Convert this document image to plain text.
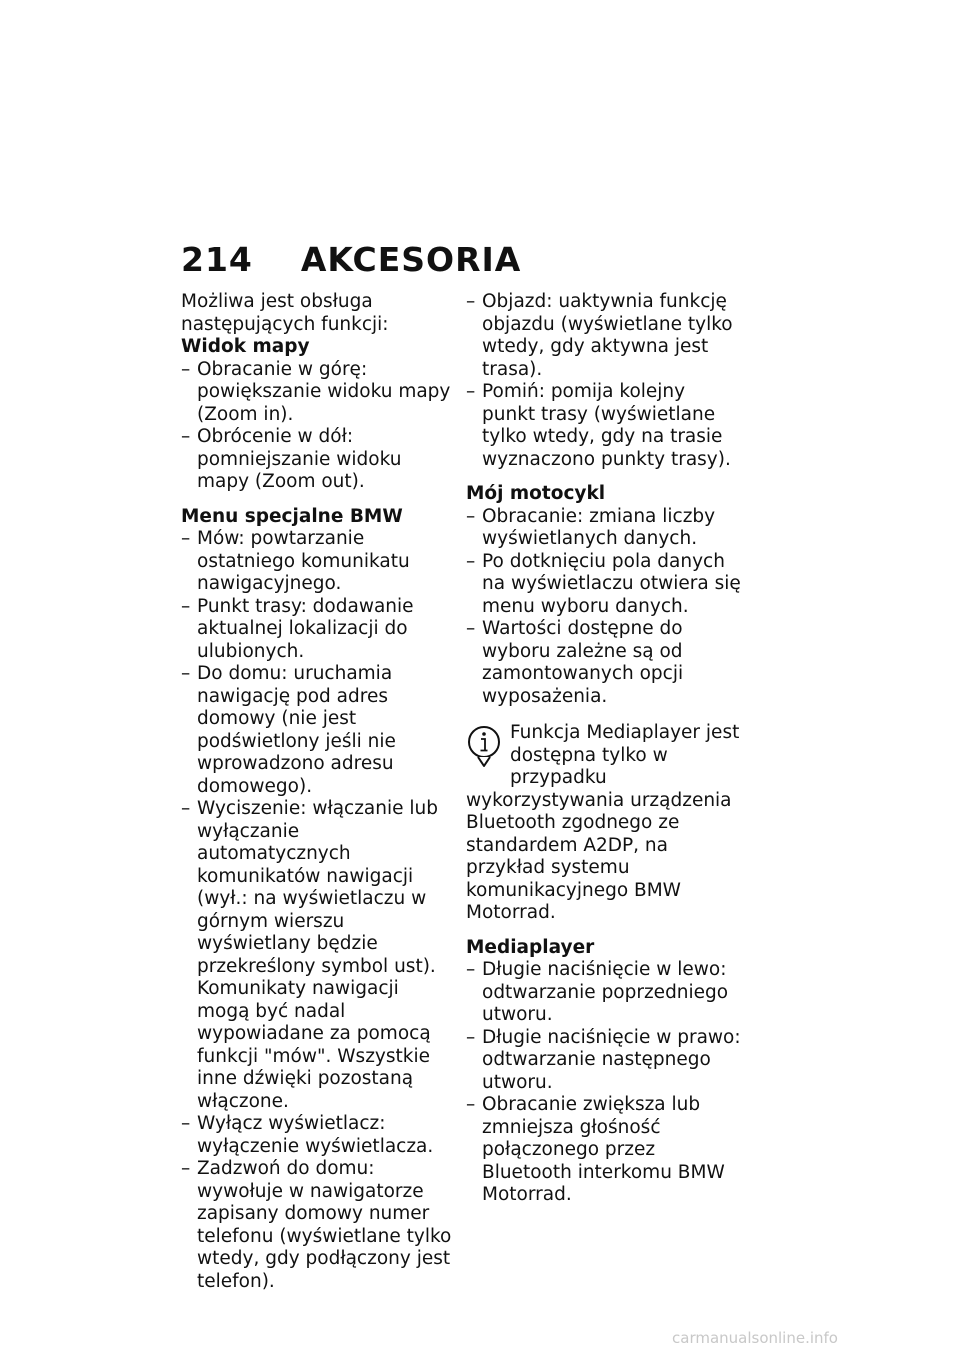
214 AKCESORIA

Możliwa jest obsługa następujących funkcji:

Widok mapy
– Obracanie w górę: powiększanie widoku mapy (Zoom in).
– Obrócenie w dół: pomniejszanie widoku mapy (Zoom out).
Menu specjalne BMW
– Mów: powtarzanie ostatniego komunikatu nawigacyjnego.
– Punkt trasy: dodawanie aktualnej lokalizacji do ulubionych.
– Do domu: uruchamia nawigację pod adres domowy (nie jest podświetlony jeśli nie wprowadzono adresu domowego).
– Wyciszenie: włączanie lub wyłączanie automatycznych komunikatów nawigacji (wył.: na wyświetlaczu w górnym wierszu wyświetlany będzie przekreślony symbol ust). Komunikaty nawigacji mogą być nadal wypowiadane za pomocą funkcji "mów". Wszystkie inne dźwięki pozostaną włączone.
– Wyłącz wyświetlacz: wyłączenie wyświetlacza.
– Zadzwoń do domu: wywołuje w nawigatorze zapisany domowy numer telefonu (wyświetlane tylko wtedy, gdy podłączony jest telefon).
– Objazd: uaktywnia funkcję objazdu (wyświetlane tylko wtedy, gdy aktywna jest trasa).
– Pomiń: pomija kolejny punkt trasy (wyświetlane tylko wtedy, gdy na trasie wyznaczono punkty trasy).
Mój motocykl
– Obracanie: zmiana liczby wyświetlanych danych.
– Po dotknięciu pola danych na wyświetlaczu otwiera się menu wyboru danych.
– Wartości dostępne do wyboru zależne są od zamontowanych opcji wyposażenia.

Funkcja Mediaplayer jest dostępna tylko w przypadku wykorzystywania urządzenia Bluetooth zgodnego ze standardem A2DP, na przykład systemu komunikacyjnego BMW Motorrad.

Mediaplayer
– Długie naciśnięcie w lewo: odtwarzanie poprzedniego utworu.
– Długie naciśnięcie w prawo: odtwarzanie następnego utworu.
– Obracanie zwiększa lub zmniejsza głośność połączonego przez Bluetooth interkomu BMW Motorrad.
carmanualsonline.info
